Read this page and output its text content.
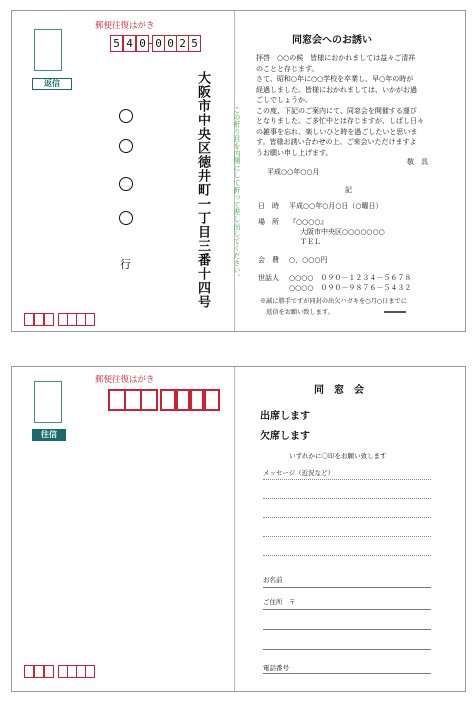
返信
郵便往復はがき
5 4 0 0 0 2 5
大阪市中央区徳井町一丁目三番十四号
行	この折り目を内側にして折って差し出してください。
同窓会へのお誘い
拝啓　○○の候　皆様におかれましては益々ご清祥
のことと存じます。
さて、昭和○年に○○学校を卒業し、早○年の時が
経過しました。皆様におかれましては、いかがお過
ごしでしょうか。
この度、下記のご案内にて、同窓会を開催する運び
となりました。ご多忙中とは存じますが、しばし日々
の雑事を忘れ、楽しいひと時を過ごしたいと思いま
す。皆様お誘い合わせの上、ご来会いただけますよ
うお願い申し上げます。
敬　具
平成○○年○○月
記
日　時 平成○○年○月○日（○曜日）
場　所 『○○○○』
大阪市中央区○○○○○○○
ＴＥＬ
会　費 ○，○○○円
世話人 ○○○○　０９０－１２３４－５６７８
○○○○　０９０－９８７６－５４３２
※誠に勝手ですが同封の出欠ハガキを○月○日までに
　返信をお願い致します。
往信
郵便往復はがき
同　窓　会
出席します
欠席します
いずれかに〇印をお願い致します
メッセージ（近況など）
お名前
ご住所　〒
電話番号
